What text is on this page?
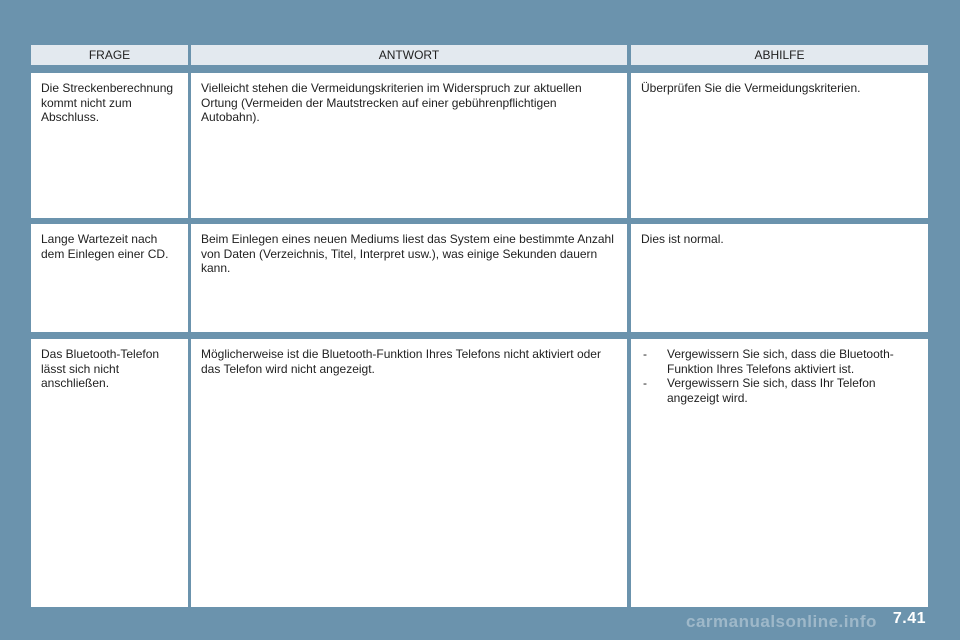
FRAGE	ANTWORT	ABHILFE
Die Streckenberechnung kommt nicht zum Abschluss.
Vielleicht stehen die Vermeidungskriterien im Widerspruch zur aktuellen Ortung (Vermeiden der Mautstrecken auf einer gebührenpflichtigen Autobahn).
Überprüfen Sie die Vermeidungskriterien.
Lange Wartezeit nach dem Einlegen einer CD.
Beim Einlegen eines neuen Mediums liest das System eine bestimmte Anzahl von Daten (Verzeichnis, Titel, Interpret usw.), was einige Sekunden dauern kann.
Dies ist normal.
Das Bluetooth-Telefon lässt sich nicht anschließen.
Möglicherweise ist die Bluetooth-Funktion Ihres Telefons nicht aktiviert oder das Telefon wird nicht angezeigt.
- Vergewissern Sie sich, dass die Bluetooth-Funktion Ihres Telefons aktiviert ist.
- Vergewissern Sie sich, dass Ihr Telefon angezeigt wird.
carmanualsonline.info 7.41
